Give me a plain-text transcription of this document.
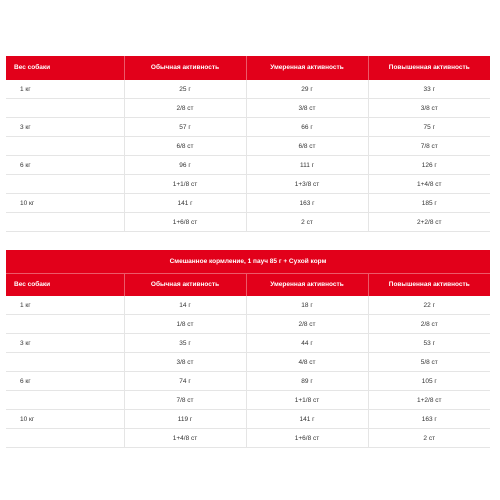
Вес собаки	Обычная активность	Умеренная активность	Повышенная активность
1 кг	25 г	29 г	33 г
	2/8 ст	3/8 ст	3/8 ст
3 кг	57 г	66 г	75 г
	6/8 ст	6/8 ст	7/8 ст
6 кг	96 г	111 г	126 г
	1+1/8 ст	1+3/8 ст	1+4/8 ст
10 кг	141 г	163 г	185 г
	1+6/8 ст	2 ст	2+2/8 ст
Смешанное кормление, 1 пауч 85 г + Сухой корм
Вес собаки	Обычная активность	Умеренная активность	Повышенная активность
1 кг	14 г	18 г	22 г
	1/8 ст	2/8 ст	2/8 ст
3 кг	35 г	44 г	53 г
	3/8 ст	4/8 ст	5/8 ст
6 кг	74 г	89 г	105 г
	7/8 ст	1+1/8 ст	1+2/8 ст
10 кг	119 г	141 г	163 г
	1+4/8 ст	1+6/8 ст	2 ст
